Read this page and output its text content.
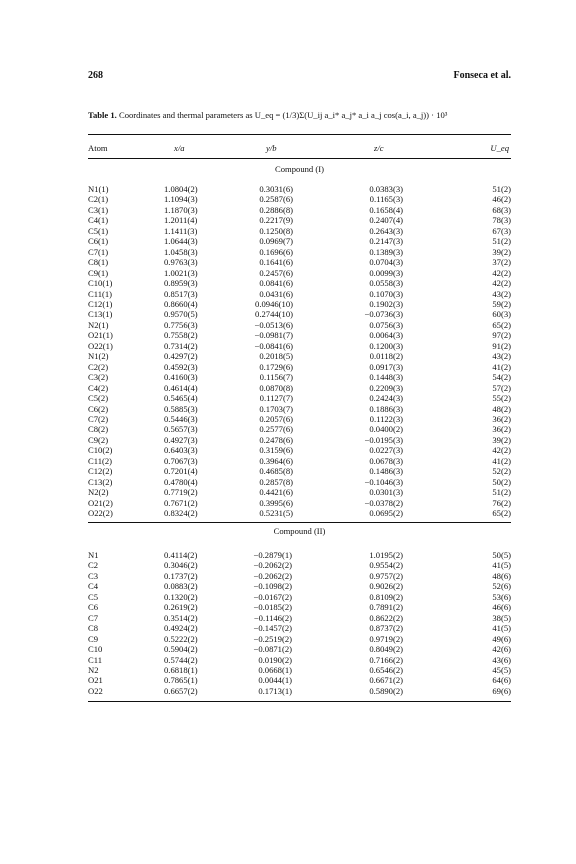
268	Fonseca et al.
Table 1. Coordinates and thermal parameters as U_eq = (1/3)Σ(U_ij a_i* a_j* a_i a_j cos(a_i, a_j)) · 10³
Atom	x/a	y/b	z/c	U_eq
Compound (I)
N1(1)	1.0804(2)	0.3031(6)	0.0383(3)	51(2)
C2(1)	1.1094(3)	0.2587(6)	0.1165(3)	46(2)
C3(1)	1.1870(3)	0.2886(8)	0.1658(4)	68(3)
C4(1)	1.2011(4)	0.2217(9)	0.2407(4)	78(3)
C5(1)	1.1411(3)	0.1250(8)	0.2643(3)	67(3)
C6(1)	1.0644(3)	0.0969(7)	0.2147(3)	51(2)
C7(1)	1.0458(3)	0.1696(6)	0.1389(3)	39(2)
C8(1)	0.9763(3)	0.1641(6)	0.0704(3)	37(2)
C9(1)	1.0021(3)	0.2457(6)	0.0099(3)	42(2)
C10(1)	0.8959(3)	0.0841(6)	0.0558(3)	42(2)
C11(1)	0.8517(3)	0.0431(6)	0.1070(3)	43(2)
C12(1)	0.8660(4)	0.0946(10)	0.1902(3)	59(2)
C13(1)	0.9570(5)	0.2744(10)	−0.0736(3)	60(3)
N2(1)	0.7756(3)	−0.0513(6)	0.0756(3)	65(2)
O21(1)	0.7558(2)	−0.0981(7)	0.0064(3)	97(2)
O22(1)	0.7314(2)	−0.0841(6)	0.1200(3)	91(2)
N1(2)	0.4297(2)	0.2018(5)	0.0118(2)	43(2)
C2(2)	0.4592(3)	0.1729(6)	0.0917(3)	41(2)
C3(2)	0.4160(3)	0.1156(7)	0.1448(3)	54(2)
C4(2)	0.4614(4)	0.0870(8)	0.2209(3)	57(2)
C5(2)	0.5465(4)	0.1127(7)	0.2424(3)	55(2)
C6(2)	0.5885(3)	0.1703(7)	0.1886(3)	48(2)
C7(2)	0.5446(3)	0.2057(6)	0.1122(3)	36(2)
C8(2)	0.5657(3)	0.2577(6)	0.0400(2)	36(2)
C9(2)	0.4927(3)	0.2478(6)	−0.0195(3)	39(2)
C10(2)	0.6403(3)	0.3159(6)	0.0227(3)	42(2)
C11(2)	0.7067(3)	0.3964(6)	0.0678(3)	41(2)
C12(2)	0.7201(4)	0.4685(8)	0.1486(3)	52(2)
C13(2)	0.4780(4)	0.2857(8)	−0.1046(3)	50(2)
N2(2)	0.7719(2)	0.4421(6)	0.0301(3)	51(2)
O21(2)	0.7671(2)	0.3995(6)	−0.0378(2)	76(2)
O22(2)	0.8324(2)	0.5231(5)	0.0695(2)	65(2)
Compound (II)
N1	0.4114(2)	−0.2879(1)	1.0195(2)	50(5)
C2	0.3046(2)	−0.2062(2)	0.9554(2)	41(5)
C3	0.1737(2)	−0.2062(2)	0.9757(2)	48(6)
C4	0.0883(2)	−0.1098(2)	0.9026(2)	52(6)
C5	0.1320(2)	−0.0167(2)	0.8109(2)	53(6)
C6	0.2619(2)	−0.0185(2)	0.7891(2)	46(6)
C7	0.3514(2)	−0.1146(2)	0.8622(2)	38(5)
C8	0.4924(2)	−0.1457(2)	0.8737(2)	41(5)
C9	0.5222(2)	−0.2519(2)	0.9719(2)	49(6)
C10	0.5904(2)	−0.0871(2)	0.8049(2)	42(6)
C11	0.5744(2)	0.0190(2)	0.7166(2)	43(6)
N2	0.6818(1)	0.0668(1)	0.6546(2)	45(5)
O21	0.7865(1)	0.0044(1)	0.6671(2)	64(6)
O22	0.6657(2)	0.1713(1)	0.5890(2)	69(6)
